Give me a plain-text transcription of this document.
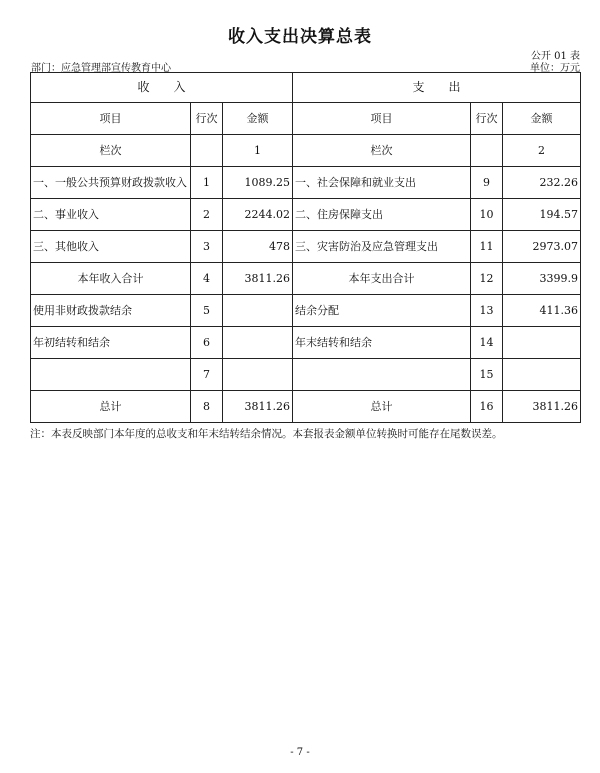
收入支出决算总表
公开 01 表
部门：应急管理部宣传教育中心	单位：万元
收　　入			支　　出		
项目	行次	金额	项目	行次	金额
栏次		1	栏次		2
一、一般公共预算财政拨款收入	1	1089.25	一、社会保障和就业支出	9	232.26
二、事业收入	2	2244.02	二、住房保障支出	10	194.57
三、其他收入	3	478	三、灾害防治及应急管理支出	11	2973.07
本年收入合计	4	3811.26	本年支出合计	12	3399.9
使用非财政拨款结余	5		结余分配	13	411.36
年初结转和结余	6		年末结转和结余	14	
	7			15	
总计	8	3811.26	总计	16	3811.26
注：本表反映部门本年度的总收支和年末结转结余情况。本套报表金额单位转换时可能存在尾数误差。
- 7 -
